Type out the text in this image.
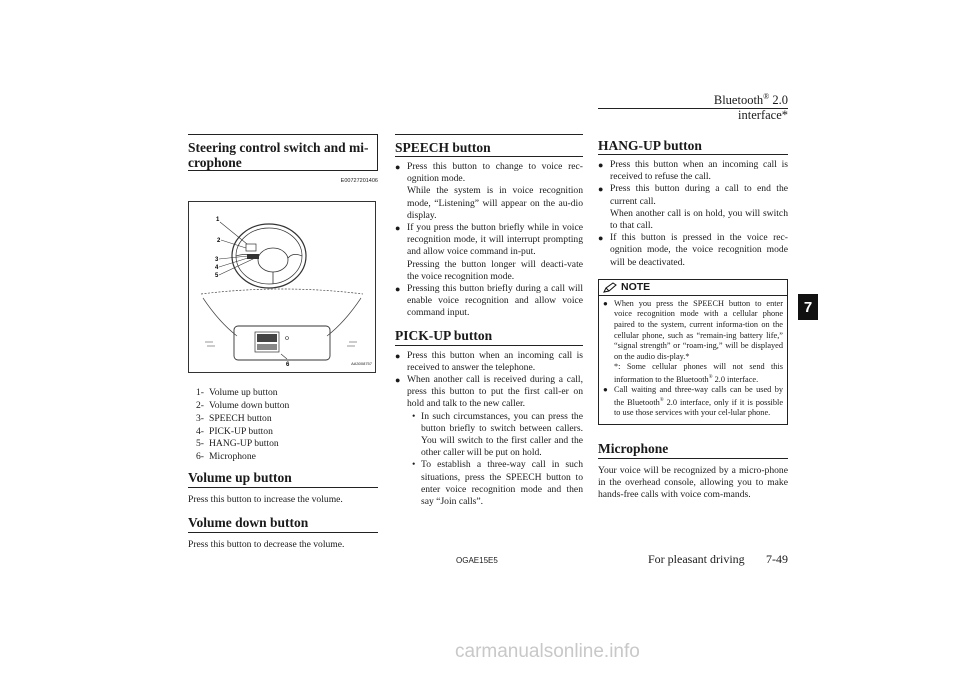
Bluetooth® 2.0 interface*
7
Steering control switch and mi-crophone
E00727201406
1
2
3
4
5
6	AA3008757
1- Volume up button
2- Volume down button
3- SPEECH button
4- PICK-UP button
5- HANG-UP button
6- Microphone
Volume up button

Press this button to increase the volume.

Volume down button

Press this button to decrease the volume.

SPEECH button
● Press this button to change to voice rec-ognition mode.
While the system is in voice recognition mode, “Listening” will appear on the au-dio display.
● If you press the button briefly while in voice recognition mode, it will interrupt prompting and allow voice command in-put.
Pressing the button longer will deacti-vate the voice recognition mode.
● Pressing this button briefly during a call will enable voice recognition and allow voice command input.
PICK-UP button
● Press this button when an incoming call is received to answer the telephone.
● When another call is received during a call, press this button to put the first call-er on hold and talk to the new caller.
• In such circumstances, you can press the button briefly to switch between callers. You will switch to the first caller and the other caller will be put on hold.
• To establish a three-way call in such situations, press the SPEECH button to enter voice recognition mode and then say “Join calls”.
HANG-UP button
● Press this button when an incoming call is received to refuse the call.
● Press this button during a call to end the current call.
When another call is on hold, you will switch to that call.
● If this button is pressed in the voice rec-ognition mode, the voice recognition mode will be deactivated.
NOTE
● When you press the SPEECH button to enter voice recognition mode with a cellular phone paired to the system, current informa-tion on the cellular phone, such as “remain-ing battery life,” “signal strength” or “roam-ing,” will be displayed on the audio dis-play.*
*: Some cellular phones will not send this information to the Bluetooth® 2.0 interface.
● Call waiting and three-way calls can be used by the Bluetooth® 2.0 interface, only if it is possible to use those services with your cel-lular phone.
Microphone

Your voice will be recognized by a micro-phone in the overhead console, allowing you to make hands-free calls with voice com-mands.

OGAE15E5	For pleasant driving 7-49
carmanualsonline.info
